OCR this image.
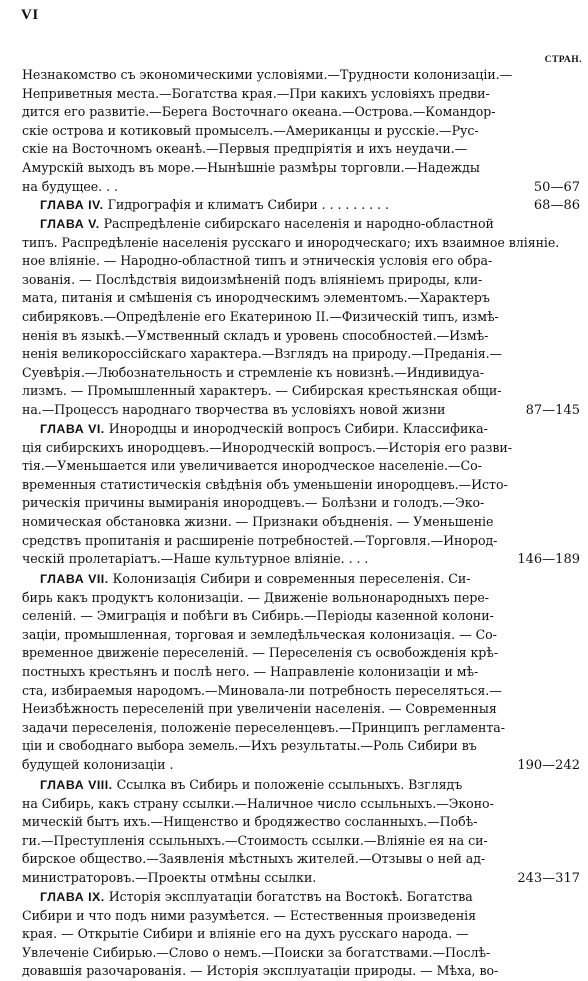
VI
СТРАН.
Незнакомство съ экономическими условіями.—Трудности колонизаціи.—
Неприветныя места.—Богатства края.—При какихъ условіяхъ предви-
дится его развитіе.—Берега Восточнаго океана.—Острова.—Командор-
скіе острова и котиковый промыселъ.—Американцы и русскіе.—Рус-
скіе на Восточномъ океанѣ.—Первыя предпріятія и ихъ неудачи.—
Амурскій выходъ въ море.—Нынѣшніе размѣры торговли.—Надежды
на будущее. . .	50—67
ГЛАВА IV. Гидрографія и климатъ Сибири . . . . . . . . .	68—86
ГЛАВА V. Распредѣленіе сибирскаго населенія и народно-областной
типъ. Распредѣленіе населенія русскаго и инородческаго; ихъ взаимное вліяніе.
ное вліяніе. — Народно-областной типъ и этническія условія его обра-
зованія. — Послѣдствія видоизмѣненій подъ вліяніемъ природы, кли-
мата, питанія и смѣшенія съ инородческимъ элементомъ.—Характеръ
сибиряковъ.—Опредѣленіе его Екатериною II.—Физическій типъ, измѣ-
ненія въ языкѣ.—Умственный складъ и уровень способностей.—Измѣ-
ненія великороссійскаго характера.—Взглядъ на природу.—Преданія.—
Суевѣрія.—Любознательность и стремленіе къ новизнѣ.—Индивидуа-
лизмъ. — Промышленный характеръ. — Сибирская крестьянская общи-
на.—Процессъ народнаго творчества въ условіяхъ новой жизни	87—145
ГЛАВА VI. Инородцы и инородческій вопросъ Сибири. Классифика-
ція сибирскихъ инородцевъ.—Инородческій вопросъ.—Исторія его разви-
тія.—Уменьшается или увеличивается инородческое населеніе.—Со-
временныя статистическія свѣдѣнія объ уменьшеніи инородцевъ.—Исто-
рическія причины вымиранія инородцевъ.— Болѣзни и голодъ.—Эко-
номическая обстановка жизни. — Признаки объдненія. — Уменьшеніе
средствъ пропитанія и расширеніе потребностей.—Торговля.—Инород-
ческій пролетаріатъ.—Наше культурное вліяніе. . . .	146—189
ГЛАВА VII. Колонизація Сибири и современныя переселенія. Си-
бирь какъ продуктъ колонизаціи. — Движеніе вольнонародныхъ пере-
селеній. — Эмиграція и побѣги въ Сибирь.—Періоды казенной колони-
заціи, промышленная, торговая и земледѣльческая колонизація. — Со-
временное движеніе переселеній. — Переселенія съ освобожденія крѣ-
постныхъ крестьянъ и послѣ него. — Направленіе колонизаціи и мѣ-
ста, избираемыя народомъ.—Миновала-ли потребность переселяться.—
Неизбѣжность переселеній при увеличеніи населенія. — Современныя
задачи переселенія, положеніе переселенцевъ.—Принципъ регламента-
ціи и свободнаго выбора земель.—Ихъ результаты.—Роль Сибири въ
будущей колонизаціи .	190—242
ГЛАВА VIII. Ссылка въ Сибирь и положеніе ссыльныхъ. Взглядъ
на Сибирь, какъ страну ссылки.—Наличное число ссыльныхъ.—Эконо-
мическій бытъ ихъ.—Нищенство и бродяжество сосланныхъ.—Побѣ-
ги.—Преступленія ссыльныхъ.—Стоимость ссылки.—Вліяніе ея на си-
бирское общество.—Заявленія мѣстныхъ жителей.—Отзывы о ней ад-
министраторовъ.—Проекты отмѣны ссылки.	243—317
ГЛАВА IX. Исторія эксплуатаціи богатствъ на Востокѣ. Богатства
Сибири и что подъ ними разумѣется. — Естественныя произведенія
края. — Открытіе Сибири и вліяніе его на духъ русскаго народа. —
Увлеченіе Сибирью.—Слово о немъ.—Поиски за богатствами.—Послѣ-
довавшія разочарованія. — Исторія эксплуатаціи природы. — Мѣха, во-
